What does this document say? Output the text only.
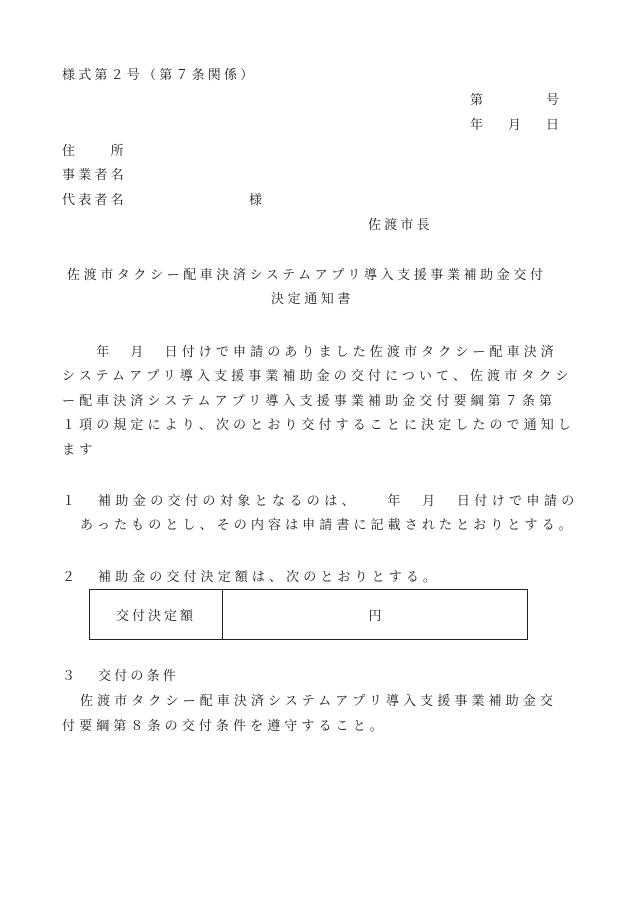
様式第２号（第７条関係）
第　　　号
年　月　日
住　　所
事業者名
代表者名	様
佐渡市長
佐渡市タクシー配車決済システムアプリ導入支援事業補助金交付
決定通知書
　　年　月　日付けで申請のありました佐渡市タクシー配車決済
システムアプリ導入支援事業補助金の交付について、佐渡市タクシ
ー配車決済システムアプリ導入支援事業補助金交付要綱第７条第
１項の規定により、次のとおり交付することに決定したので通知し
ます
１ 補助金の交付の対象となるのは、　　年　月　日付けで申請の
あったものとし、その内容は申請書に記載されたとおりとする。
２ 補助金の交付決定額は、次のとおりとする。
交付決定額	円
３ 交付の条件
佐渡市タクシー配車決済システムアプリ導入支援事業補助金交
付要綱第８条の交付条件を遵守すること。
